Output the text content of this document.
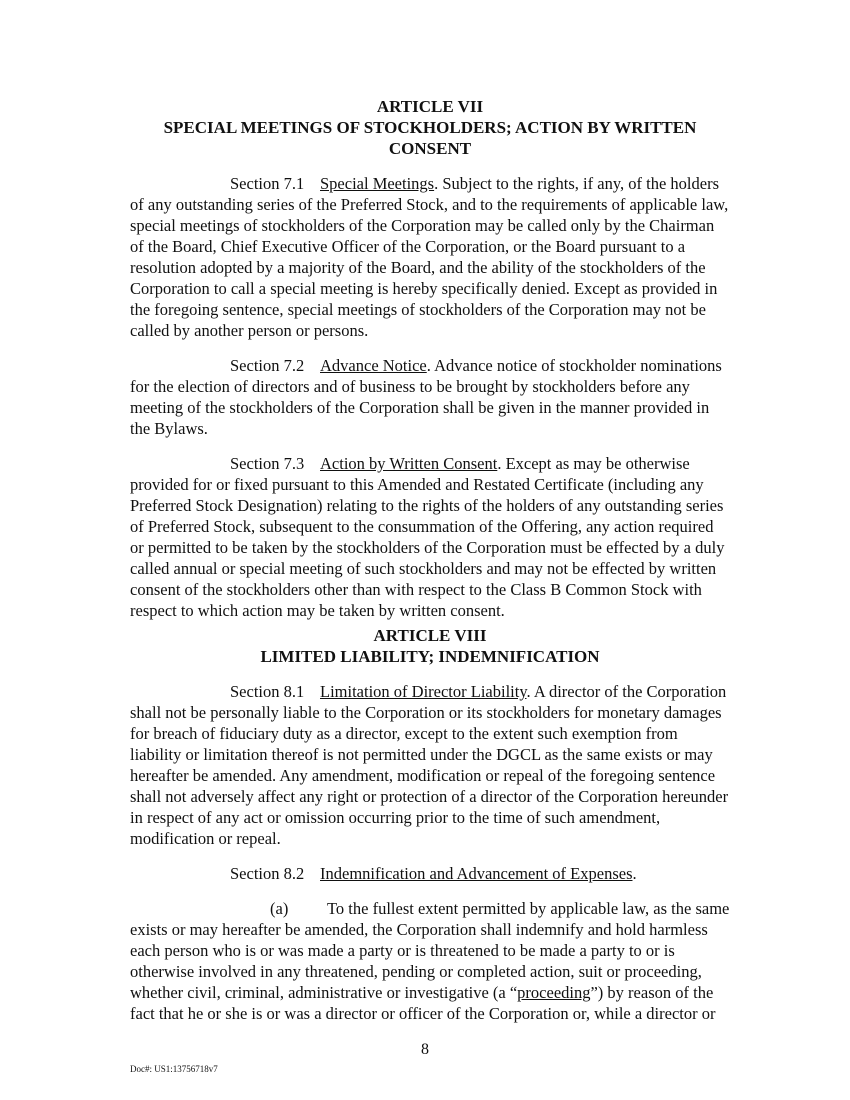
ARTICLE VII
SPECIAL MEETINGS OF STOCKHOLDERS; ACTION BY WRITTEN
CONSENT

Section 7.1 Special Meetings. Subject to the rights, if any, of the holders of any outstanding series of the Preferred Stock, and to the requirements of applicable law, special meetings of stockholders of the Corporation may be called only by the Chairman of the Board, Chief Executive Officer of the Corporation, or the Board pursuant to a resolution adopted by a majority of the Board, and the ability of the stockholders of the Corporation to call a special meeting is hereby specifically denied. Except as provided in the foregoing sentence, special meetings of stockholders of the Corporation may not be called by another person or persons.

Section 7.2 Advance Notice. Advance notice of stockholder nominations for the election of directors and of business to be brought by stockholders before any meeting of the stockholders of the Corporation shall be given in the manner provided in the Bylaws.

Section 7.3 Action by Written Consent. Except as may be otherwise provided for or fixed pursuant to this Amended and Restated Certificate (including any Preferred Stock Designation) relating to the rights of the holders of any outstanding series of Preferred Stock, subsequent to the consummation of the Offering, any action required or permitted to be taken by the stockholders of the Corporation must be effected by a duly called annual or special meeting of such stockholders and may not be effected by written consent of the stockholders other than with respect to the Class B Common Stock with respect to which action may be taken by written consent.

ARTICLE VIII
LIMITED LIABILITY; INDEMNIFICATION

Section 8.1 Limitation of Director Liability. A director of the Corporation shall not be personally liable to the Corporation or its stockholders for monetary damages for breach of fiduciary duty as a director, except to the extent such exemption from liability or limitation thereof is not permitted under the DGCL as the same exists or may hereafter be amended. Any amendment, modification or repeal of the foregoing sentence shall not adversely affect any right or protection of a director of the Corporation hereunder in respect of any act or omission occurring prior to the time of such amendment, modification or repeal.

Section 8.2 Indemnification and Advancement of Expenses.

(a) To the fullest extent permitted by applicable law, as the same exists or may hereafter be amended, the Corporation shall indemnify and hold harmless each person who is or was made a party or is threatened to be made a party to or is otherwise involved in any threatened, pending or completed action, suit or proceeding, whether civil, criminal, administrative or investigative (a “proceeding”) by reason of the fact that he or she is or was a director or officer of the Corporation or, while a director or

8
Doc#: US1:13756718v7
